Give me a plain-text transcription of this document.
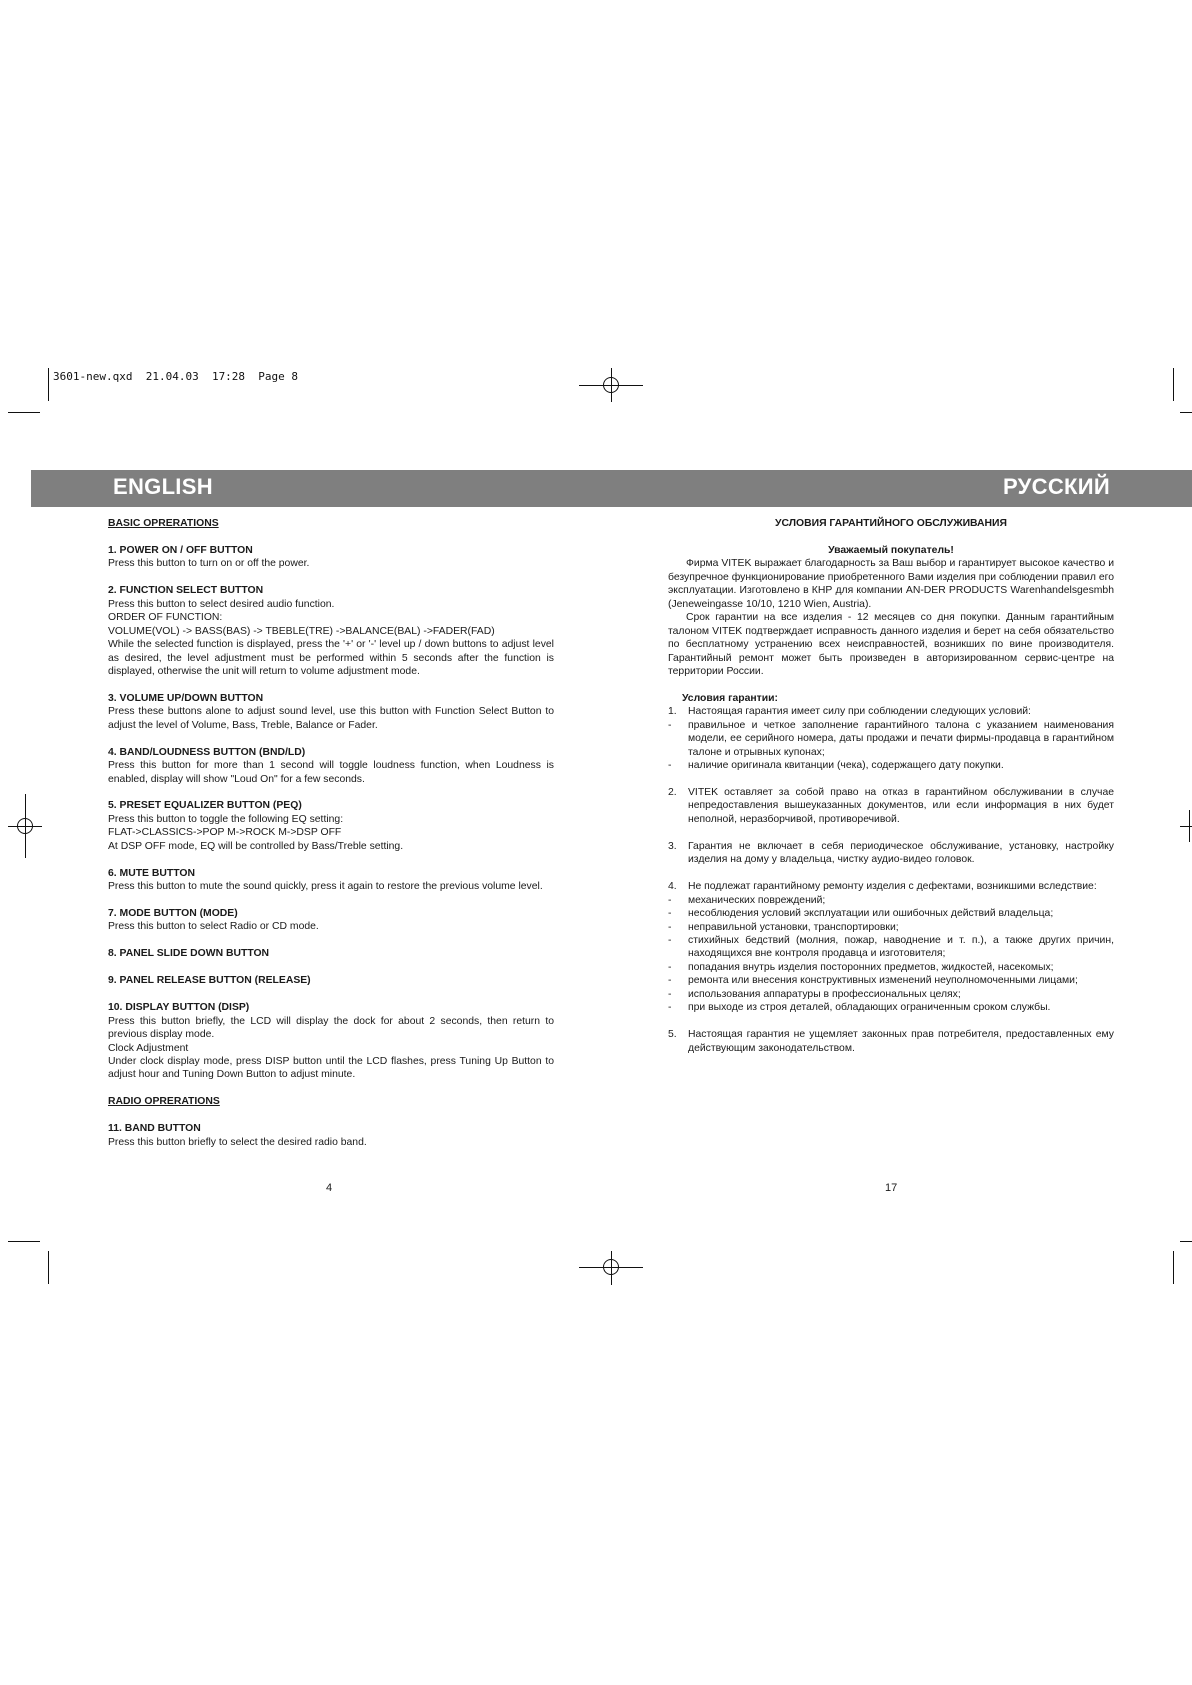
3601-new.qxd  21.04.03  17:28  Page 8
ENGLISH	РУССКИЙ
BASIC OPRERATIONS
1. POWER ON / OFF BUTTON
Press this button to turn on or off the power.
2. FUNCTION SELECT BUTTON
Press this button to select desired audio function.
ORDER OF FUNCTION:
VOLUME(VOL) -> BASS(BAS) -> TBEBLE(TRE) ->BALANCE(BAL) ->FADER(FAD)
While the selected function is displayed, press the '+' or '-' level up / down buttons to adjust level as desired, the level adjustment must be performed within 5 seconds after the function is displayed, otherwise the unit will return to volume adjustment mode.
3. VOLUME UP/DOWN BUTTON
Press these buttons alone to adjust sound level, use this button with Function Select Button to adjust the level of Volume, Bass, Treble, Balance or Fader.
4. BAND/LOUDNESS BUTTON (BND/LD)
Press this button for more than 1 second will toggle loudness function, when Loudness is enabled, display will show "Loud On" for a few seconds.
5. PRESET EQUALIZER BUTTON (PEQ)
Press this button to toggle the following EQ setting:
FLAT->CLASSICS->POP M->ROCK M->DSP OFF
At DSP OFF mode, EQ will be controlled by Bass/Treble setting.
6. MUTE BUTTON
Press this button to mute the sound quickly, press it again to restore the previous volume level.
7. MODE BUTTON (MODE)
Press this button to select Radio or CD mode.
8. PANEL SLIDE DOWN BUTTON
9. PANEL RELEASE BUTTON (RELEASE)
10. DISPLAY BUTTON (DISP)
Press this button briefly, the LCD will display the dock for about 2 seconds, then return to previous display mode.
Clock Adjustment
Under clock display mode, press DISP button until the LCD flashes, press Tuning Up Button to adjust hour and Tuning Down Button to adjust minute.
RADIO OPRERATIONS
11. BAND BUTTON
Press this button briefly to select the desired radio band.
УСЛОВИЯ ГАРАНТИЙНОГО ОБСЛУЖИВАНИЯ
Уважаемый покупатель!
Фирма VITEK выражает благодарность за Ваш выбор и гарантирует высокое качество и безупречное функционирование приобретенного Вами изделия при соблюдении правил его эксплуатации. Изготовлено в КНР для компании AN-DER PRODUCTS Warenhandelsgesmbh (Jeneweingasse 10/10, 1210 Wien, Austria).
Срок гарантии на все изделия - 12 месяцев со дня покупки. Данным гарантийным талоном VITEK подтверждает исправность данного изделия и берет на себя обязательство по бесплатному устранению всех неисправностей, возникших по вине производителя. Гарантийный ремонт может быть произведен в авторизированном сервис-центре на территории России.
Условия гарантии:
1.	Настоящая гарантия имеет силу при соблюдении следующих условий:
-	правильное и четкое заполнение гарантийного талона с указанием наименования модели, ее серийного номера, даты продажи и печати фирмы-продавца в гарантийном талоне и отрывных купонах;
-	наличие оригинала квитанции (чека), содержащего дату покупки.
2.	VITEK оставляет за собой право на отказ в гарантийном обслуживании в случае непредоставления вышеуказанных документов, или если информация в них будет неполной, неразборчивой, противоречивой.
3.	Гарантия не включает в себя периодическое обслуживание, установку, настройку изделия на дому у владельца, чистку аудио-видео головок.
4.	Не подлежат гарантийному ремонту изделия с дефектами, возникшими вследствие:
-	механических повреждений;
-	несоблюдения условий эксплуатации или ошибочных действий владельца;
-	неправильной установки, транспортировки;
-	стихийных бедствий (молния, пожар, наводнение и т. п.), а также других причин, находящихся вне контроля продавца и изготовителя;
-	попадания внутрь изделия посторонних предметов, жидкостей, насекомых;
-	ремонта или внесения конструктивных изменений неуполномоченными лицами;
-	использования аппаратуры в профессиональных целях;
-	при выходе из строя деталей, обладающих ограниченным сроком службы.
5.	Настоящая гарантия не ущемляет законных прав потребителя, предоставленных ему действующим законодательством.
4	17
